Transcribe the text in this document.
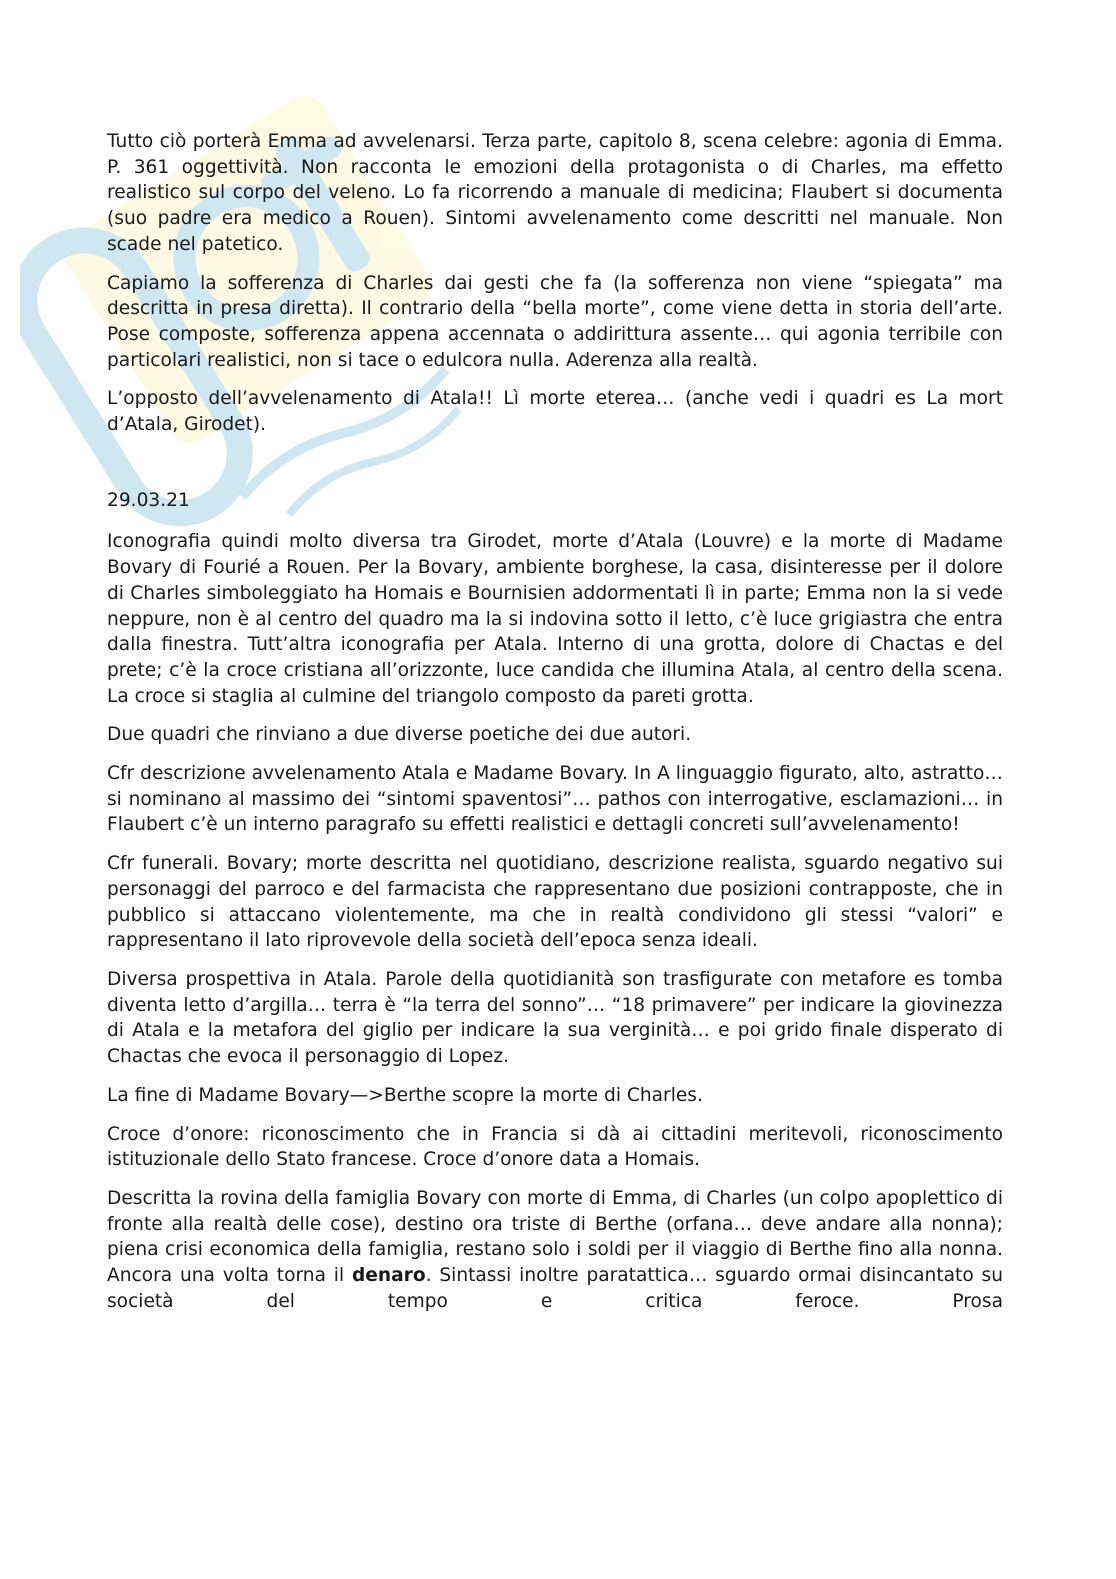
Tutto ciò porterà Emma ad avvelenarsi. Terza parte, capitolo 8, scena celebre: agonia di Emma. P. 361 oggettività. Non racconta le emozioni della protagonista o di Charles, ma effetto realistico sul corpo del veleno. Lo fa ricorrendo a manuale di medicina; Flaubert si documenta (suo padre era medico a Rouen). Sintomi avvelenamento come descritti nel manuale. Non scade nel patetico.

Capiamo la sofferenza di Charles dai gesti che fa (la sofferenza non viene “spiegata” ma descritta in presa diretta). Il contrario della “bella morte”, come viene detta in storia dell’arte. Pose composte, sofferenza appena accennata o addirittura assente… qui agonia terribile con particolari realistici, non si tace o edulcora nulla. Aderenza alla realtà.

L’opposto dell’avvelenamento di Atala!! Lì morte eterea… (anche vedi i quadri es La mort d’Atala, Girodet).

29.03.21

Iconografia quindi molto diversa tra Girodet, morte d’Atala (Louvre) e la morte di Madame Bovary di Fourié a Rouen. Per la Bovary, ambiente borghese, la casa, disinteresse per il dolore di Charles simboleggiato ha Homais e Bournisien addormentati lì in parte; Emma non la si vede neppure, non è al centro del quadro ma la si indovina sotto il letto, c’è luce grigiastra che entra dalla finestra. Tutt’altra iconografia per Atala. Interno di una grotta, dolore di Chactas e del prete; c’è la croce cristiana all’orizzonte, luce candida che illumina Atala, al centro della scena. La croce si staglia al culmine del triangolo composto da pareti grotta.

Due quadri che rinviano a due diverse poetiche dei due autori.

Cfr descrizione avvelenamento Atala e Madame Bovary. In A linguaggio figurato, alto, astratto… si nominano al massimo dei “sintomi spaventosi”… pathos con interrogative, esclamazioni… in Flaubert c’è un interno paragrafo su effetti realistici e dettagli concreti sull’avvelenamento!

Cfr funerali. Bovary; morte descritta nel quotidiano, descrizione realista, sguardo negativo sui personaggi del parroco e del farmacista che rappresentano due posizioni contrapposte, che in pubblico si attaccano violentemente, ma che in realtà condividono gli stessi “valori” e rappresentano il lato riprovevole della società dell’epoca senza ideali.

Diversa prospettiva in Atala. Parole della quotidianità son trasfigurate con metafore es tomba diventa letto d’argilla… terra è “la terra del sonno”… “18 primavere” per indicare la giovinezza di Atala e la metafora del giglio per indicare la sua verginità… e poi grido finale disperato di Chactas che evoca il personaggio di Lopez.

La fine di Madame Bovary—>Berthe scopre la morte di Charles.

Croce d’onore: riconoscimento che in Francia si dà ai cittadini meritevoli, riconoscimento istituzionale dello Stato francese. Croce d’onore data a Homais.

Descritta la rovina della famiglia Bovary con morte di Emma, di Charles (un colpo apoplettico di fronte alla realtà delle cose), destino ora triste di Berthe (orfana… deve andare alla nonna); piena crisi economica della famiglia, restano solo i soldi per il viaggio di Berthe fino alla nonna. Ancora una volta torna il denaro. Sintassi inoltre paratattica… sguardo ormai disincantato su società del tempo e critica feroce. Prosa
